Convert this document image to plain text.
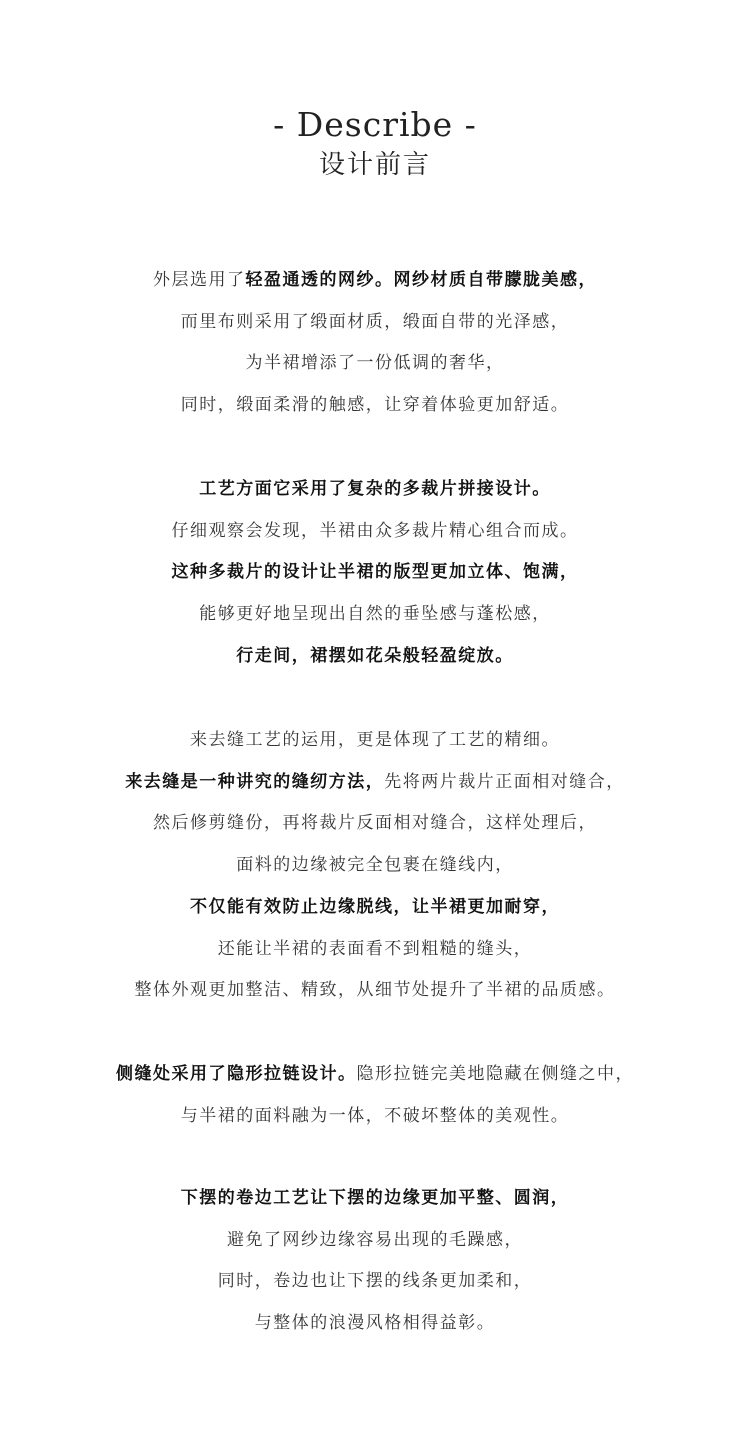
- Describe -
设计前言
外层选用了轻盈通透的网纱。网纱材质自带朦胧美感，
而里布则采用了缎面材质，缎面自带的光泽感，
为半裙增添了一份低调的奢华，
同时，缎面柔滑的触感，让穿着体验更加舒适。
工艺方面它采用了复杂的多裁片拼接设计。
仔细观察会发现，半裙由众多裁片精心组合而成。
这种多裁片的设计让半裙的版型更加立体、饱满，
能够更好地呈现出自然的垂坠感与蓬松感，
行走间，裙摆如花朵般轻盈绽放。
来去缝工艺的运用，更是体现了工艺的精细。
来去缝是一种讲究的缝纫方法，先将两片裁片正面相对缝合，
然后修剪缝份，再将裁片反面相对缝合，这样处理后，
面料的边缘被完全包裹在缝线内，
不仅能有效防止边缘脱线，让半裙更加耐穿，
还能让半裙的表面看不到粗糙的缝头，
整体外观更加整洁、精致，从细节处提升了半裙的品质感。
侧缝处采用了隐形拉链设计。隐形拉链完美地隐藏在侧缝之中，
与半裙的面料融为一体，不破坏整体的美观性。
下摆的卷边工艺让下摆的边缘更加平整、圆润，
避免了网纱边缘容易出现的毛躁感，
同时，卷边也让下摆的线条更加柔和，
与整体的浪漫风格相得益彰。
